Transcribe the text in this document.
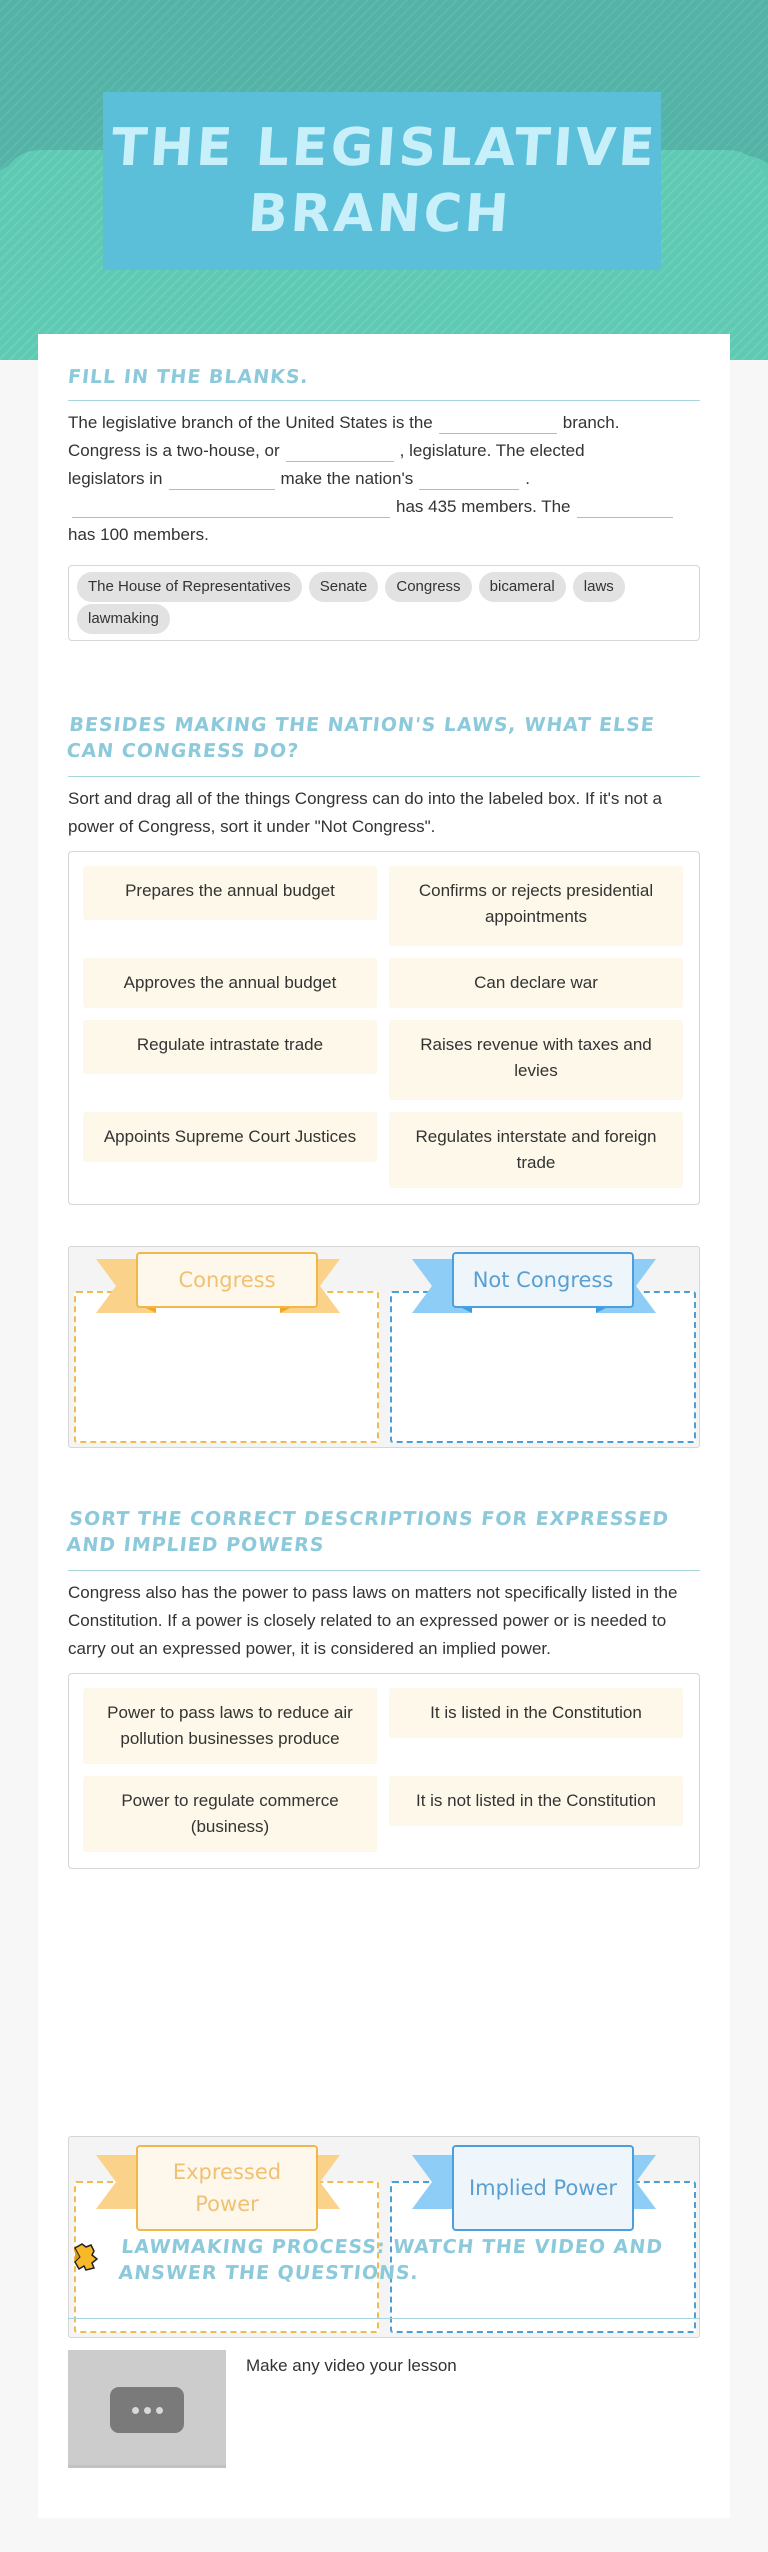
THE LEGISLATIVE BRANCH
FILL IN THE BLANKS.
The legislative branch of the United States is the	branch.
Congress is a two-house, or	, legislature. The elected
legislators in	make the nation's	.
has 435 members. The
has 100 members.
The House of Representatives Senate Congress bicameral laws lawmaking
BESIDES MAKING THE NATION'S LAWS, WHAT ELSE CAN CONGRESS DO?
Sort and drag all of the things Congress can do into the labeled box. If it's not a power of Congress, sort it under "Not Congress".
Prepares the annual budget	Confirms or rejects presidential appointments
Approves the annual budget	Can declare war
Regulate intrastate trade	Raises revenue with taxes and levies
Appoints Supreme Court Justices	Regulates interstate and foreign trade
Congress	Not Congress
SORT THE CORRECT DESCRIPTIONS FOR EXPRESSED AND IMPLIED POWERS
Congress also has the power to pass laws on matters not specifically listed in the Constitution. If a power is closely related to an expressed power or is needed to carry out an expressed power, it is considered an implied power.
Power to pass laws to reduce air pollution businesses produce
It is listed in the Constitution
Power to regulate commerce (business)
It is not listed in the Constitution
Expressed Power
Implied Power
LAWMAKING PROCESS: WATCH THE VIDEO AND ANSWER THE QUESTIONS.
Make any video your lesson
